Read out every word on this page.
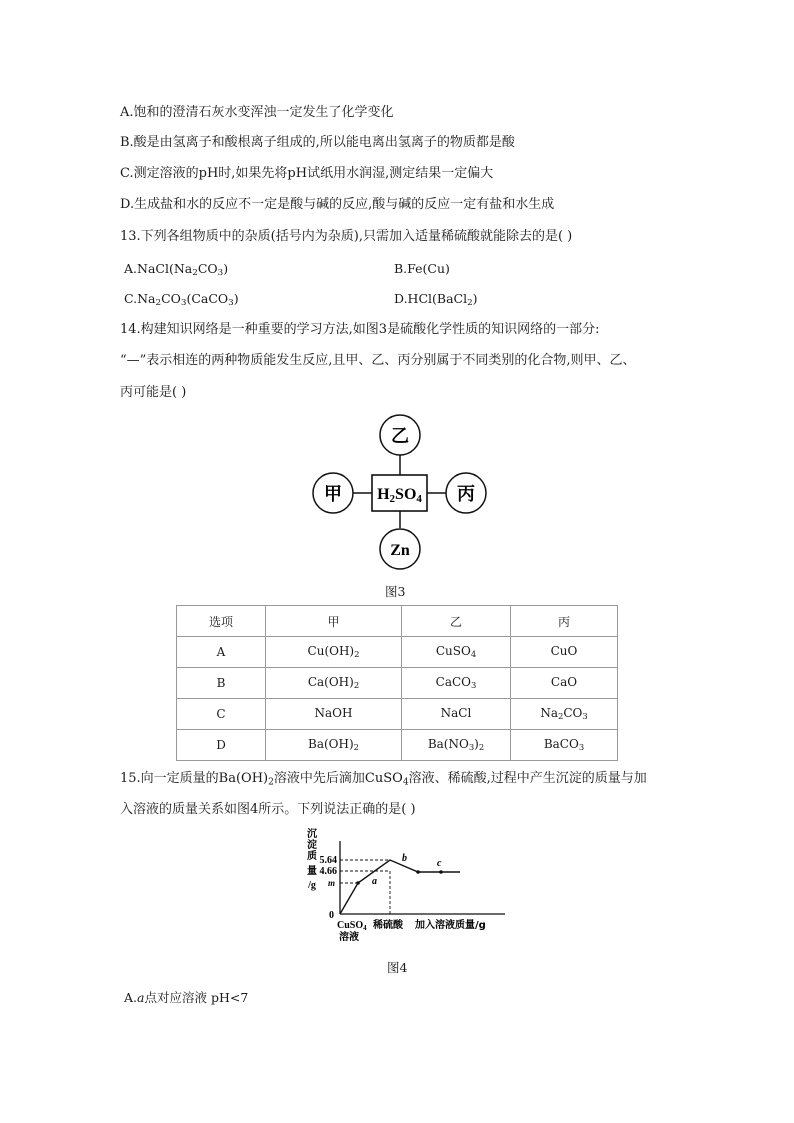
A.饱和的澄清石灰水变浑浊一定发生了化学变化
B.酸是由氢离子和酸根离子组成的,所以能电离出氢离子的物质都是酸
C.测定溶液的pH时,如果先将pH试纸用水润湿,测定结果一定偏大
D.生成盐和水的反应不一定是酸与碱的反应,酸与碱的反应一定有盐和水生成
13.下列各组物质中的杂质(括号内为杂质),只需加入适量稀硫酸就能除去的是( )
$A.NaCl(Na_2CO_3)$	B.Fe(Cu)
$C.Na_2CO_3(CaCO_3)$	D.HCl(BaCl$_2$)
14.构建知识网络是一种重要的学习方法,如图3是硫酸化学性质的知识网络的一部分:
“—”表示相连的两种物质能发生反应,且甲、乙、丙分别属于不同类别的化合物,则甲、乙、
丙可能是( )
H2SO4
乙
甲	丙
Zn
图3
选项	甲	乙	丙
A	$Cu(OH)_2$	CuSO$_4$	CuO
B	$Ca(OH)_2$	CaCO$_3$	CaO
C	NaOH	NaCl	$Na_2CO_3$
D	$Ba(OH)_2$	$Ba(NO_3)_2$	BaCO$_3$
15.向一定质量的$Ba(OH)_2$溶液中先后滴加CuSO$_4$溶液、稀硫酸,过程中产生沉淀的质量与加
入溶液的质量关系如图4所示。下列说法正确的是( )
沉
淀
质
量
/g
5.64
4.66
m
0
a
b	c
CuSO$_4$
溶液
稀硫酸 加入溶液质量/g
图4
A.a点对应溶液 pH<7
